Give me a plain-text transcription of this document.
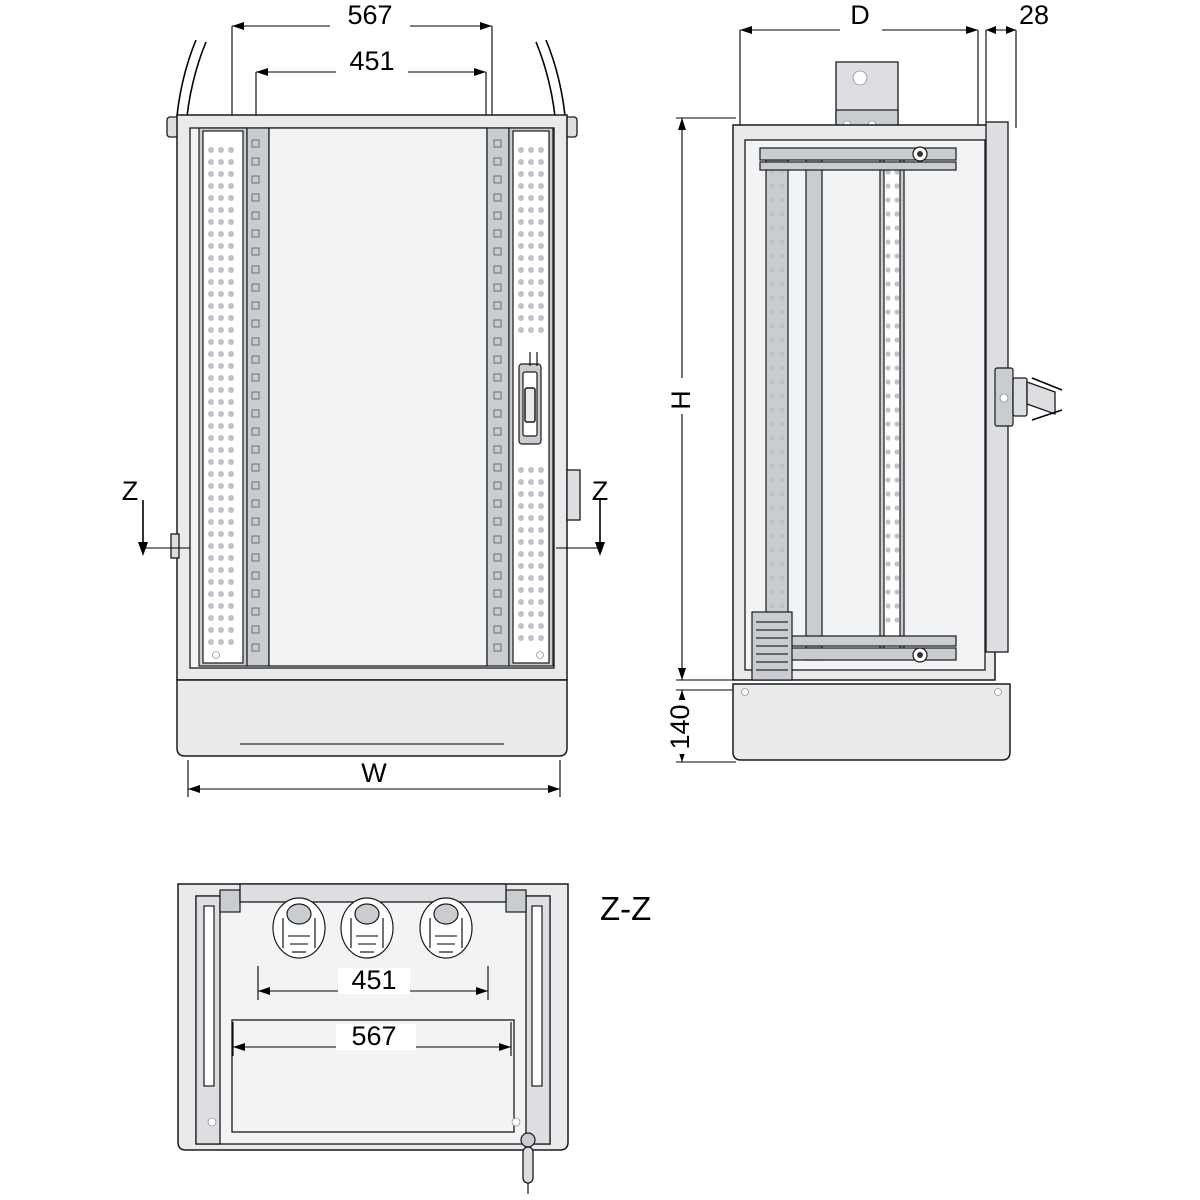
567
451
Z	Z
W
D	28
H
140
Z-Z
451
567
